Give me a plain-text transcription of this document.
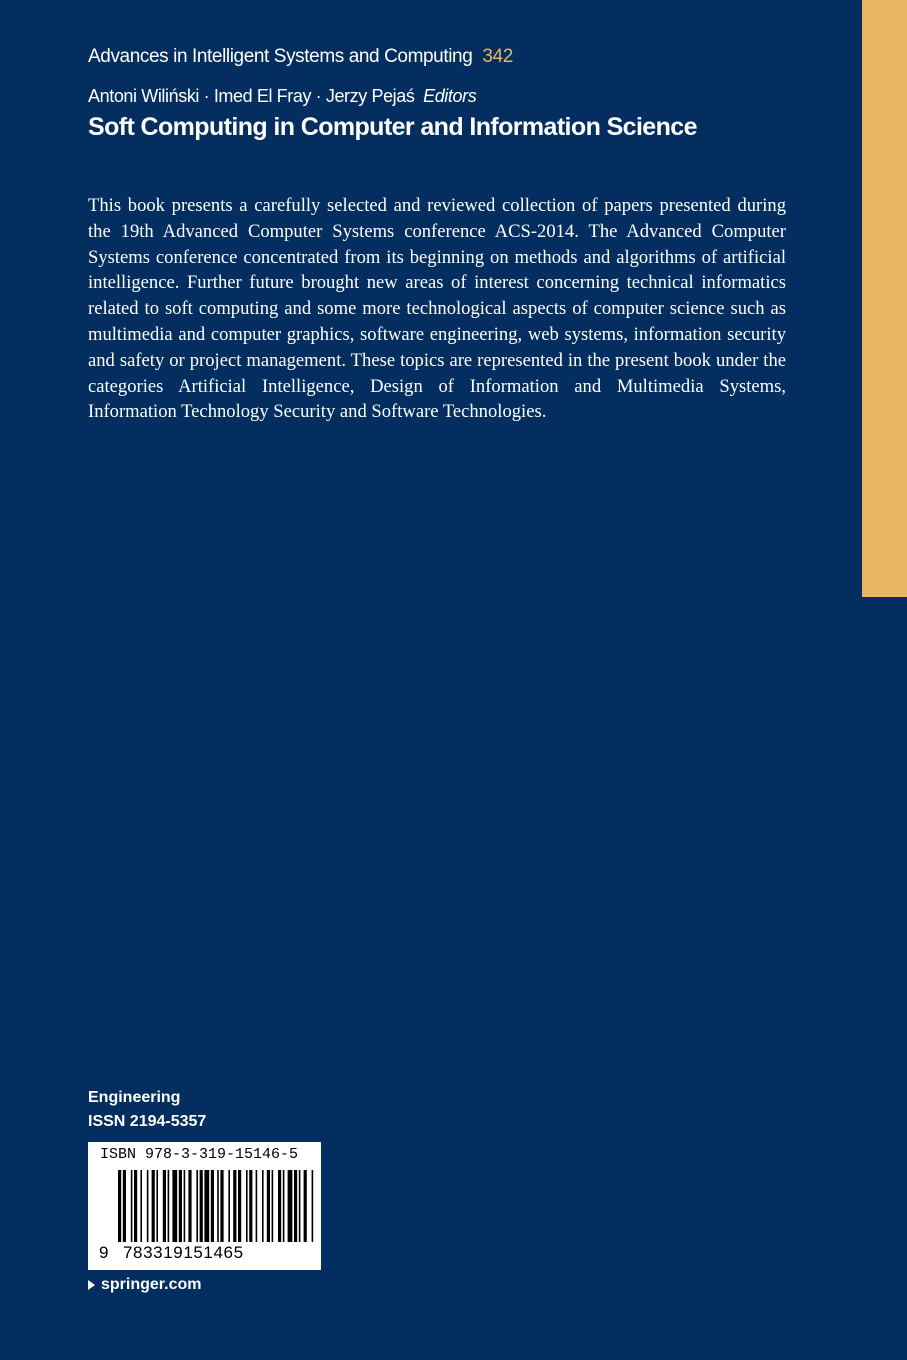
Advances in Intelligent Systems and Computing 342
Antoni Wiliński · Imed El Fray · Jerzy Pejaś Editors
Soft Computing in Computer and Information Science

This book presents a carefully selected and reviewed collection of papers presented during the 19th Advanced Computer Systems conference ACS-2014. The Advanced Computer Systems conference concentrated from its beginning on methods and algorithms of artificial intelligence. Further future brought new areas of interest concerning technical informatics related to soft computing and some more technological aspects of computer science such as multimedia and computer graphics, software engineering, web systems, information security and safety or project management. These topics are represented in the present book under the categories Artificial Intelligence, Design of Information and Multimedia Systems, Information Technology Security and Software Technologies.

Engineering
ISSN 2194-5357
ISBN 978-3-319-15146-5
9 783319151465
springer.com
